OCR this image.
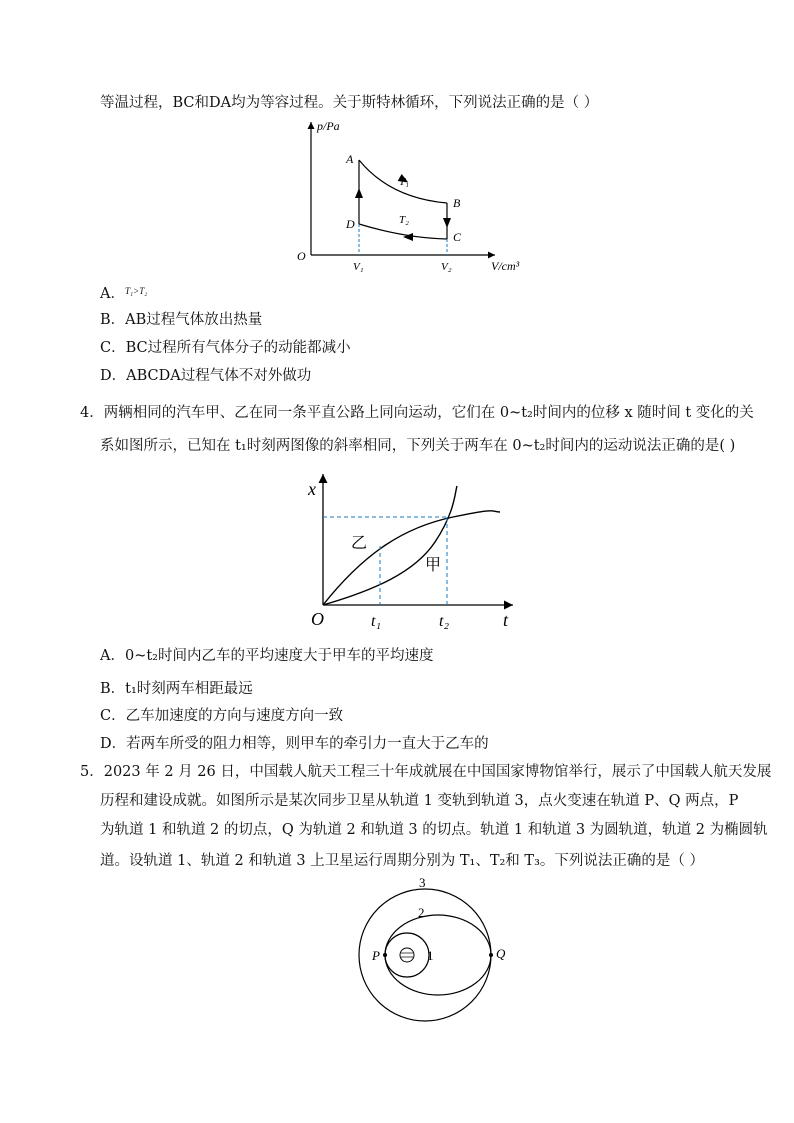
等温过程，BC和DA均为等容过程。关于斯特林循环，下列说法正确的是（ ）
p/Pa
V/cm³
O
A
B
C
D
T₁
T₂
V₁	V₂
A．$^{T_1>T_2}$
B．AB过程气体放出热量
C．BC过程所有气体分子的动能都减小
D．ABCDA过程气体不对外做功
4．两辆相同的汽车甲、乙在同一条平直公路上同向运动，它们在 0~t₂时间内的位移 x 随时间 t 变化的关
系如图所示，已知在 t₁时刻两图像的斜率相同，下列关于两车在 0~t₂时间内的运动说法正确的是( )
x
t
O
乙
甲
t₁	t₂
A．0~t₂时间内乙车的平均速度大于甲车的平均速度
B．t₁时刻两车相距最远
C．乙车加速度的方向与速度方向一致
D．若两车所受的阻力相等，则甲车的牵引力一直大于乙车的
5．2023 年 2 月 26 日，中国载人航天工程三十年成就展在中国国家博物馆举行，展示了中国载人航天发展
历程和建设成就。如图所示是某次同步卫星从轨道 1 变轨到轨道 3，点火变速在轨道 P、Q 两点，P
为轨道 1 和轨道 2 的切点，Q 为轨道 2 和轨道 3 的切点。轨道 1 和轨道 3 为圆轨道，轨道 2 为椭圆轨
道。设轨道 1、轨道 2 和轨道 3 上卫星运行周期分别为 T₁、T₂和 T₃。下列说法正确的是（ ）
3
2
1
P	Q
